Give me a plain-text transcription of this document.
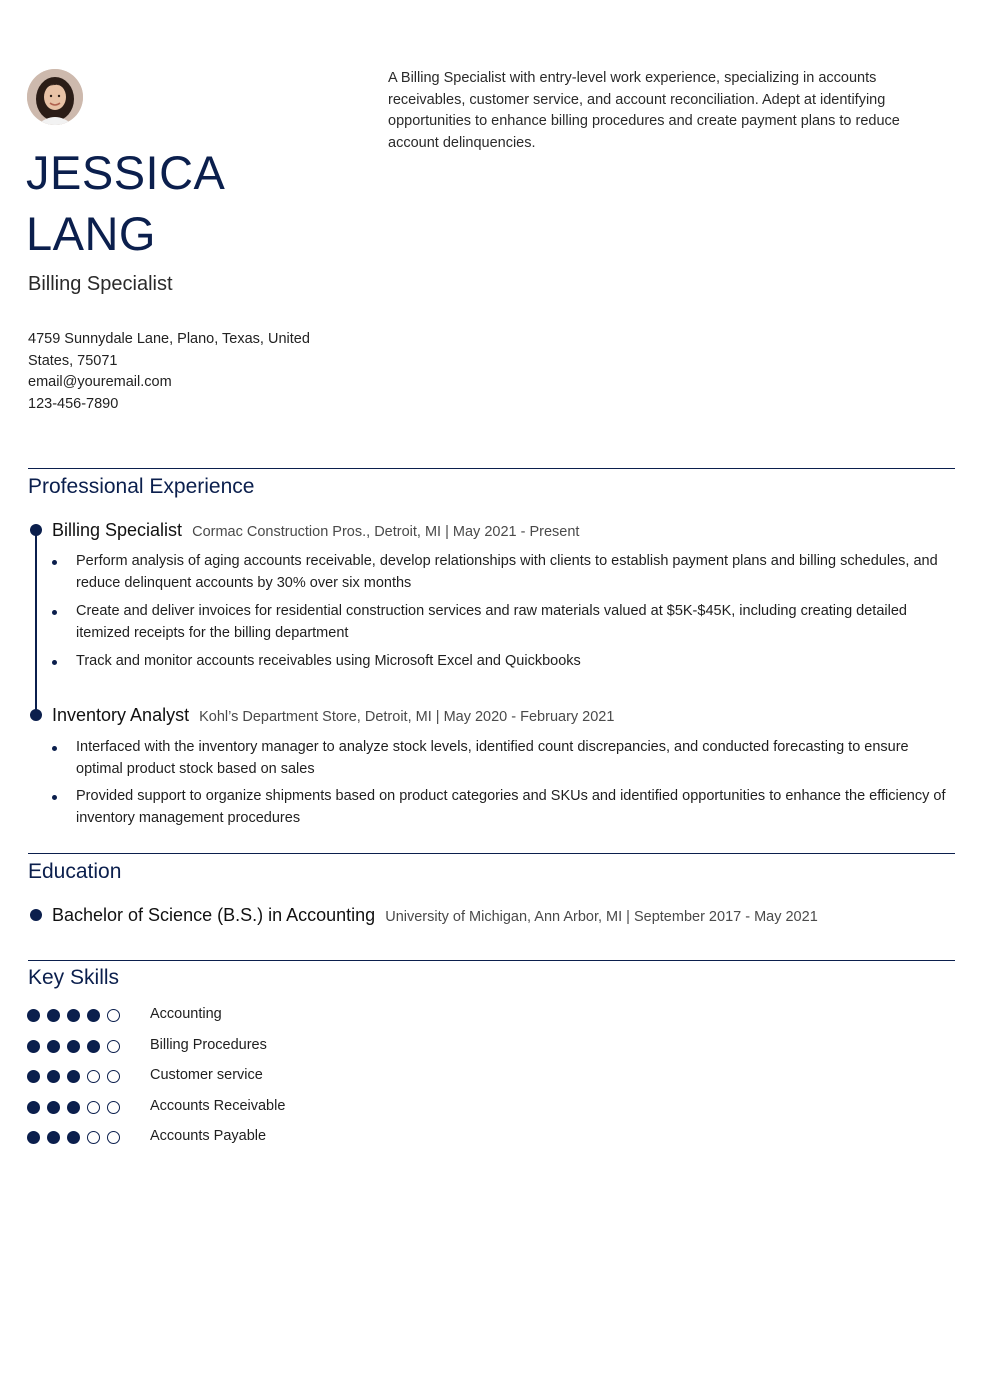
JESSICA
LANG
Billing Specialist
4759 Sunnydale Lane, Plano, Texas, United States, 75071
email@youremail.com
123-456-7890
A Billing Specialist with entry-level work experience, specializing in accounts receivables, customer service, and account reconciliation. Adept at identifying opportunities to enhance billing procedures and create payment plans to reduce account delinquencies.
Professional Experience
Billing Specialist Cormac Construction Pros., Detroit, MI | May 2021 - Present
Perform analysis of aging accounts receivable, develop relationships with clients to establish payment plans and billing schedules, and reduce delinquent accounts by 30% over six months
Create and deliver invoices for residential construction services and raw materials valued at $5K-$45K, including creating detailed itemized receipts for the billing department
Track and monitor accounts receivables using Microsoft Excel and Quickbooks
Inventory Analyst Kohl’s Department Store, Detroit, MI | May 2020 - February 2021
Interfaced with the inventory manager to analyze stock levels, identified count discrepancies, and conducted forecasting to ensure optimal product stock based on sales
Provided support to organize shipments based on product categories and SKUs and identified opportunities to enhance the efficiency of inventory management procedures
Education
Bachelor of Science (B.S.) in Accounting University of Michigan, Ann Arbor, MI | September 2017 - May 2021
Key Skills
Accounting
Billing Procedures
Customer service
Accounts Receivable
Accounts Payable
